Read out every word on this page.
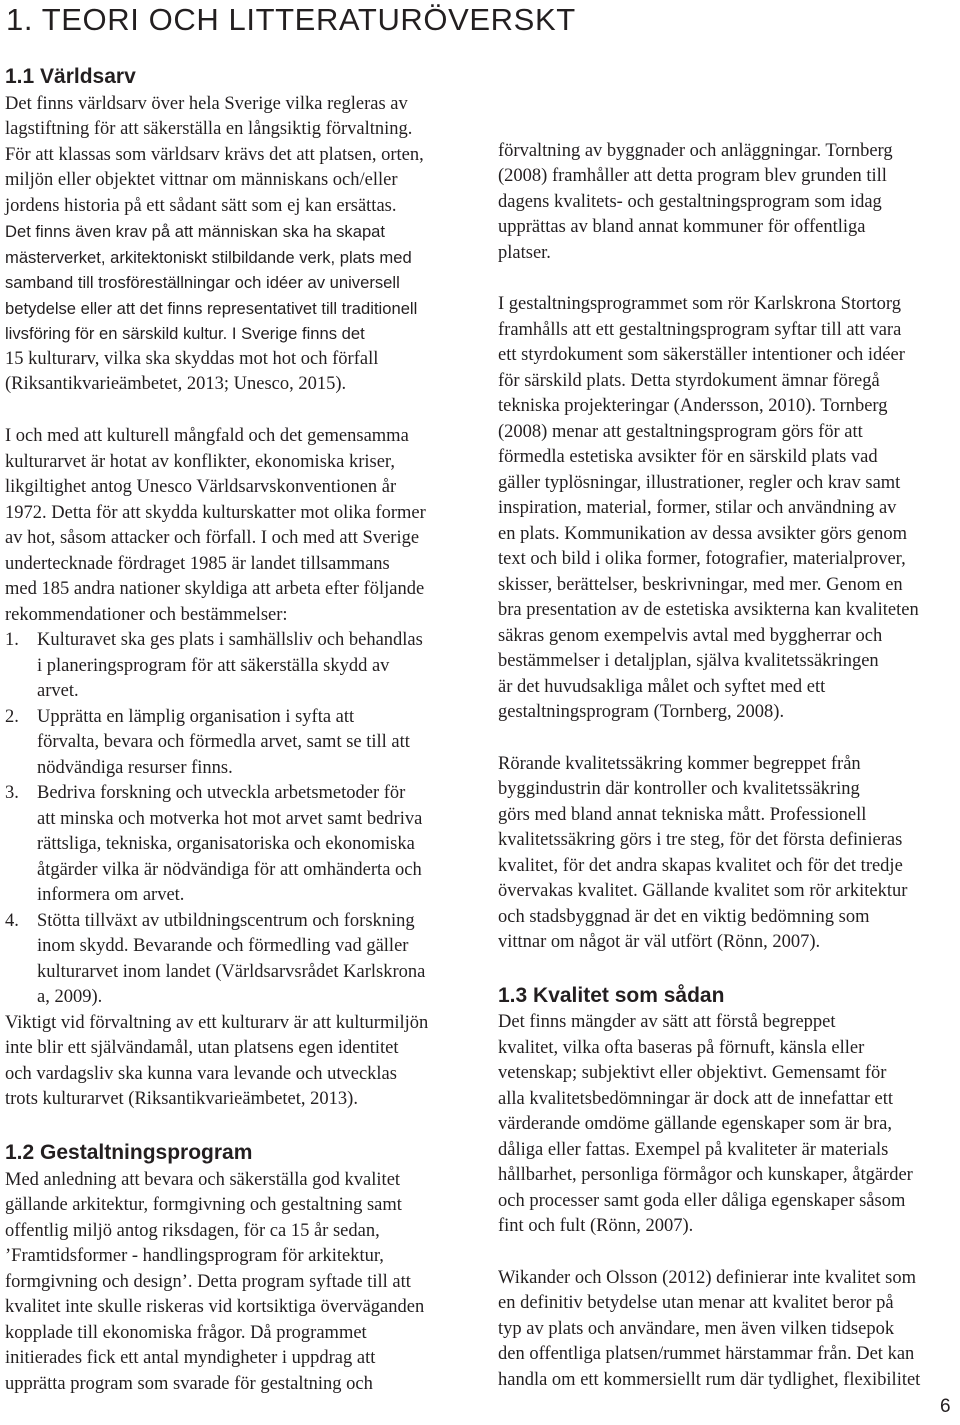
1. TEORI OCH LITTERATURÖVERSKT
1.1 Världsarv

Det finns världsarv över hela Sverige vilka regleras av

lagstiftning för att säkerställa en långsiktig förvaltning.

För att klassas som världsarv krävs det att platsen, orten,

miljön eller objektet vittnar om människans och/eller

jordens historia på ett sådant sätt som ej kan ersättas.

Det finns även krav på att människan ska ha skapat

mästerverket, arkitektoniskt stilbildande verk, plats med

samband till trosföreställningar och idéer av universell

betydelse eller att det finns representativet till traditionell

livsföring för en särskild kultur. I Sverige finns det

15 kulturarv, vilka ska skyddas mot hot och förfall

(Riksantikvarieämbetet, 2013; Unesco, 2015).

I och med att kulturell mångfald och det gemensamma

kulturarvet är hotat av konflikter, ekonomiska kriser,

likgiltighet antog Unesco Världsarvskonventionen år

1972. Detta för att skydda kulturskatter mot olika former

av hot, såsom attacker och förfall. I och med att Sverige

undertecknade fördraget 1985 är landet tillsammans

med 185 andra nationer skyldiga att arbeta efter följande

rekommendationer och bestämmelser:

1. Kulturavet ska ges plats i samhällsliv och behandlas

i planeringsprogram för att säkerställa skydd av

arvet.

2. Upprätta en lämplig organisation i syfta att

förvalta, bevara och förmedla arvet, samt se till att

nödvändiga resurser finns.

3. Bedriva forskning och utveckla arbetsmetoder för

att minska och motverka hot mot arvet samt bedriva

rättsliga, tekniska, organisatoriska och ekonomiska

åtgärder vilka är nödvändiga för att omhänderta och

informera om arvet.

4. Stötta tillväxt av utbildningscentrum och forskning

inom skydd. Bevarande och förmedling vad gäller

kulturarvet inom landet (Världsarvsrådet Karlskrona

a, 2009).

Viktigt vid förvaltning av ett kulturarv är att kulturmiljön

inte blir ett självändamål, utan platsens egen identitet

och vardagsliv ska kunna vara levande och utvecklas

trots kulturarvet (Riksantikvarieämbetet, 2013).

1.2 Gestaltningsprogram

Med anledning att bevara och säkerställa god kvalitet

gällande arkitektur, formgivning och gestaltning samt

offentlig miljö antog riksdagen, för ca 15 år sedan,

’Framtidsformer - handlingsprogram för arkitektur,

formgivning och design’. Detta program syftade till att

kvalitet inte skulle riskeras vid kortsiktiga överväganden

kopplade till ekonomiska frågor. Då programmet

initierades fick ett antal myndigheter i uppdrag att

upprätta program som svarade för gestaltning och

förvaltning av byggnader och anläggningar. Tornberg

(2008) framhåller att detta program blev grunden till

dagens kvalitets- och gestaltningsprogram som idag

upprättas av bland annat kommuner för offentliga

platser.

I gestaltningsprogrammet som rör Karlskrona Stortorg

framhålls att ett gestaltningsprogram syftar till att vara

ett styrdokument som säkerställer intentioner och idéer

för särskild plats. Detta styrdokument ämnar föregå

tekniska projekteringar (Andersson, 2010). Tornberg

(2008) menar att gestaltningsprogram görs för att

förmedla estetiska avsikter för en särskild plats vad

gäller typlösningar, illustrationer, regler och krav samt

inspiration, material, former, stilar och användning av

en plats. Kommunikation av dessa avsikter görs genom

text och bild i olika former, fotografier, materialprover,

skisser, berättelser, beskrivningar, med mer. Genom en

bra presentation av de estetiska avsikterna kan kvaliteten

säkras genom exempelvis avtal med byggherrar och

bestämmelser i detaljplan, själva kvalitetssäkringen

är det huvudsakliga målet och syftet med ett

gestaltningsprogram (Tornberg, 2008).

Rörande kvalitetssäkring kommer begreppet från

byggindustrin där kontroller och kvalitetssäkring

görs med bland annat tekniska mått. Professionell

kvalitetssäkring görs i tre steg, för det första definieras

kvalitet, för det andra skapas kvalitet och för det tredje

övervakas kvalitet. Gällande kvalitet som rör arkitektur

och stadsbyggnad är det en viktig bedömning som

vittnar om något är väl utfört (Rönn, 2007).

1.3 Kvalitet som sådan

Det finns mängder av sätt att förstå begreppet

kvalitet, vilka ofta baseras på förnuft, känsla eller

vetenskap; subjektivt eller objektivt. Gemensamt för

alla kvalitetsbedömningar är dock att de innefattar ett

värderande omdöme gällande egenskaper som är bra,

dåliga eller fattas. Exempel på kvaliteter är materials

hållbarhet, personliga förmågor och kunskaper, åtgärder

och processer samt goda eller dåliga egenskaper såsom

fint och fult (Rönn, 2007).

Wikander och Olsson (2012) definierar inte kvalitet som

en definitiv betydelse utan menar att kvalitet beror på

typ av plats och användare, men även vilken tidsepok

den offentliga platsen/rummet härstammar från. Det kan

handla om ett kommersiellt rum där tydlighet, flexibilitet

6
